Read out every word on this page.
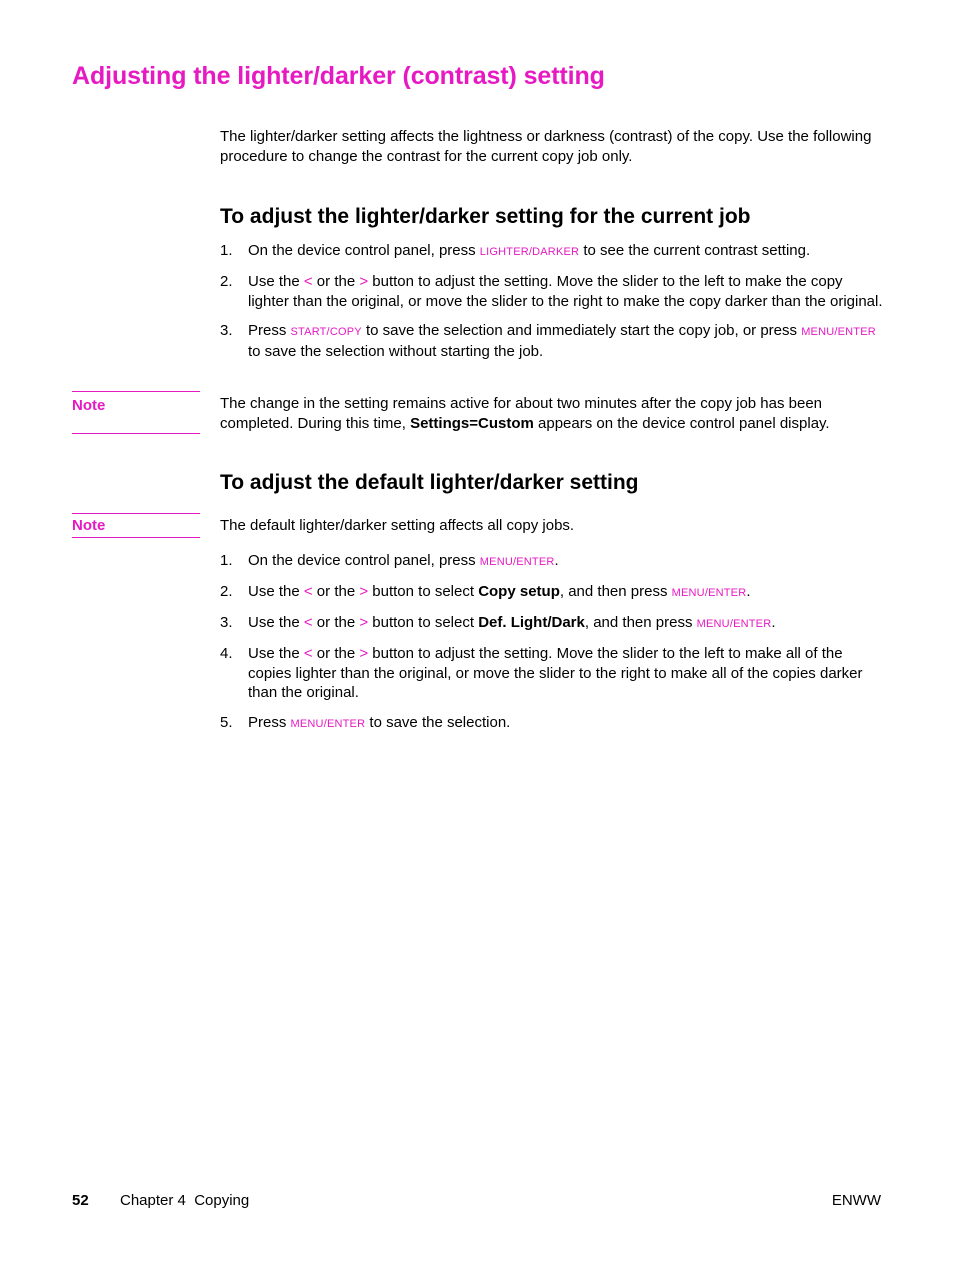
Adjusting the lighter/darker (contrast) setting

The lighter/darker setting affects the lightness or darkness (contrast) of the copy. Use the following procedure to change the contrast for the current copy job only.

To adjust the lighter/darker setting for the current job
1.	On the device control panel, press LIGHTER/DARKER to see the current contrast setting.
2.	Use the < or the > button to adjust the setting. Move the slider to the left to make the copy lighter than the original, or move the slider to the right to make the copy darker than the original.
3.	Press START/COPY to save the selection and immediately start the copy job, or press MENU/ENTER to save the selection without starting the job.
Note	The change in the setting remains active for about two minutes after the copy job has been completed. During this time, Settings=Custom appears on the device control panel display.
To adjust the default lighter/darker setting
Note	The default lighter/darker setting affects all copy jobs.
1.	On the device control panel, press MENU/ENTER.
2.	Use the < or the > button to select Copy setup, and then press MENU/ENTER.
3.	Use the < or the > button to select Def. Light/Dark, and then press MENU/ENTER.
4.	Use the < or the > button to adjust the setting. Move the slider to the left to make all of the copies lighter than the original, or move the slider to the right to make all of the copies darker than the original.
5.	Press MENU/ENTER to save the selection.
52 Chapter 4  Copying	ENWW
